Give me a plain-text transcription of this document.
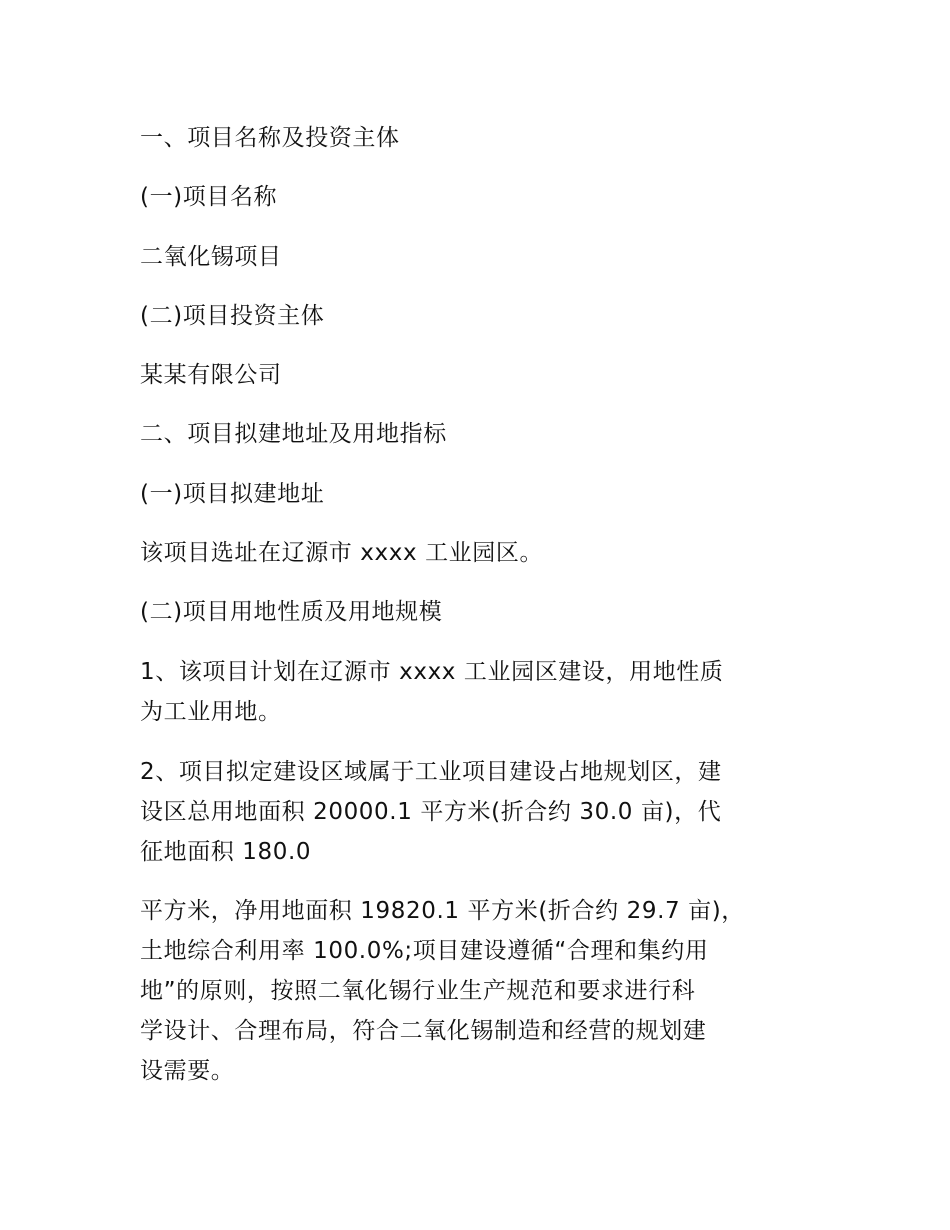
一、项目名称及投资主体

(一)项目名称

二氧化锡项目

(二)项目投资主体

某某有限公司

二、项目拟建地址及用地指标

(一)项目拟建地址

该项目选址在辽源市 xxxx 工业园区。

(二)项目用地性质及用地规模

1、该项目计划在辽源市 xxxx 工业园区建设，用地性质

为工业用地。

2、项目拟定建设区域属于工业项目建设占地规划区，建

设区总用地面积 20000.1 平方米(折合约 30.0 亩)，代

征地面积 180.0

平方米，净用地面积 19820.1 平方米(折合约 29.7 亩)，

土地综合利用率 100.0%;项目建设遵循“合理和集约用

地”的原则，按照二氧化锡行业生产规范和要求进行科

学设计、合理布局，符合二氧化锡制造和经营的规划建

设需要。
